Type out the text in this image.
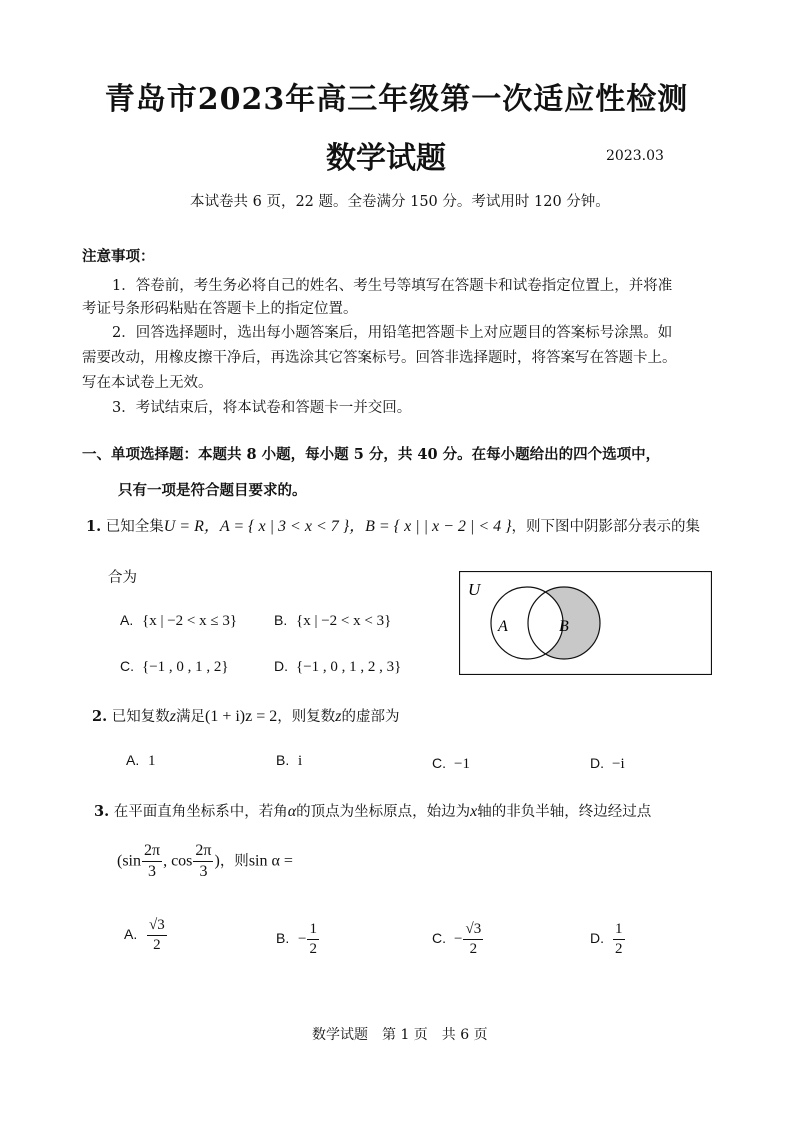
青岛市2023年高三年级第一次适应性检测
数学试题	2023.03
本试卷共 6 页，22 题。全卷满分 150 分。考试用时 120 分钟。
注意事项：
1．答卷前，考生务必将自己的姓名、考生号等填写在答题卡和试卷指定位置上，并将准
考证号条形码粘贴在答题卡上的指定位置。
2．回答选择题时，选出每小题答案后，用铅笔把答题卡上对应题目的答案标号涂黑。如
需要改动，用橡皮擦干净后，再选涂其它答案标号。回答非选择题时，将答案写在答题卡上。
写在本试卷上无效。
3．考试结束后，将本试卷和答题卡一并交回。
一、单项选择题：本题共 8 小题，每小题 5 分，共 40 分。在每小题给出的四个选项中，
只有一项是符合题目要求的。
1. 已知全集U = R，A = { x | 3 < x < 7 }，B = { x | | x − 2 | < 4 }，则下图中阴影部分表示的集
合为
A. {x | −2 < x ≤ 3}	B. {x | −2 < x < 3}
C. {−1 , 0 , 1 , 2}	D. {−1 , 0 , 1 , 2 , 3}
U
A	B
2. 已知复数z满足(1 + i)z = 2，则复数z的虚部为
A. 1	B. i	C. −1	D. −i
3. 在平面直角坐标系中，若角α的顶点为坐标原点，始边为x轴的非负半轴，终边经过点
($\sin \frac{2\pi}{3}$ , $\cos \frac{2\pi}{3}$ )，则sin α =
A. $\frac{√3}{2}$	B. − $\frac{1}{2}$	C. − $\frac{√3}{2}$	D. $\frac{1}{2}$
数学试题　第 1 页　共 6 页
